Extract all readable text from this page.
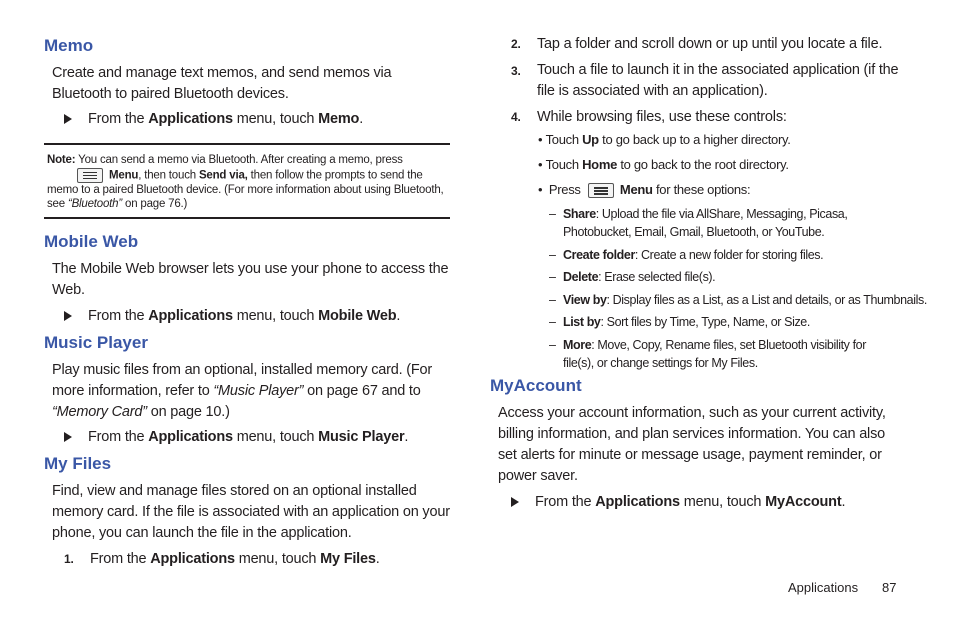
Memo
Create and manage text memos, and send memos via Bluetooth to paired Bluetooth devices.
From the Applications menu, touch Memo.
Note: You can send a memo via Bluetooth. After creating a memo, press

Menu, then touch Send via, then follow the prompts to send the memo to a paired Bluetooth device. (For more information about using Bluetooth, see “Bluetooth” on page 76.)
Mobile Web
The Mobile Web browser lets you use your phone to access the Web.
From the Applications menu, touch Mobile Web.
Music Player
Play music files from an optional, installed memory card. (For more information, refer to “Music Player” on page 67 and to “Memory Card” on page 10.)
From the Applications menu, touch Music Player.
My Files
Find, view and manage files stored on an optional installed memory card. If the file is associated with an application on your phone, you can launch the file in the application.
1. From the Applications menu, touch My Files.
2. Tap a folder and scroll down or up until you locate a file.
3.	Touch a file to launch it in the associated application (if the file is associated with an application).
4. While browsing files, use these controls:
• Touch Up to go back up to a higher directory.
• Touch Home to go back to the root directory.
•  Press	Menu for these options:
– Share: Upload the file via AllShare, Messaging, Picasa, Photobucket, Email, Gmail, Bluetooth, or YouTube.
– Create folder: Create a new folder for storing files.
– Delete: Erase selected file(s).
– View by: Display files as a List, as a List and details, or as Thumbnails.
– List by: Sort files by Time, Type, Name, or Size.
– More: Move, Copy, Rename files, set Bluetooth visibility for file(s), or change settings for My Files.
MyAccount
Access your account information, such as your current activity, billing information, and plan services information. You can also set alerts for minute or message usage, payment reminder, or power saver.
From the Applications menu, touch MyAccount.
Applications 87
